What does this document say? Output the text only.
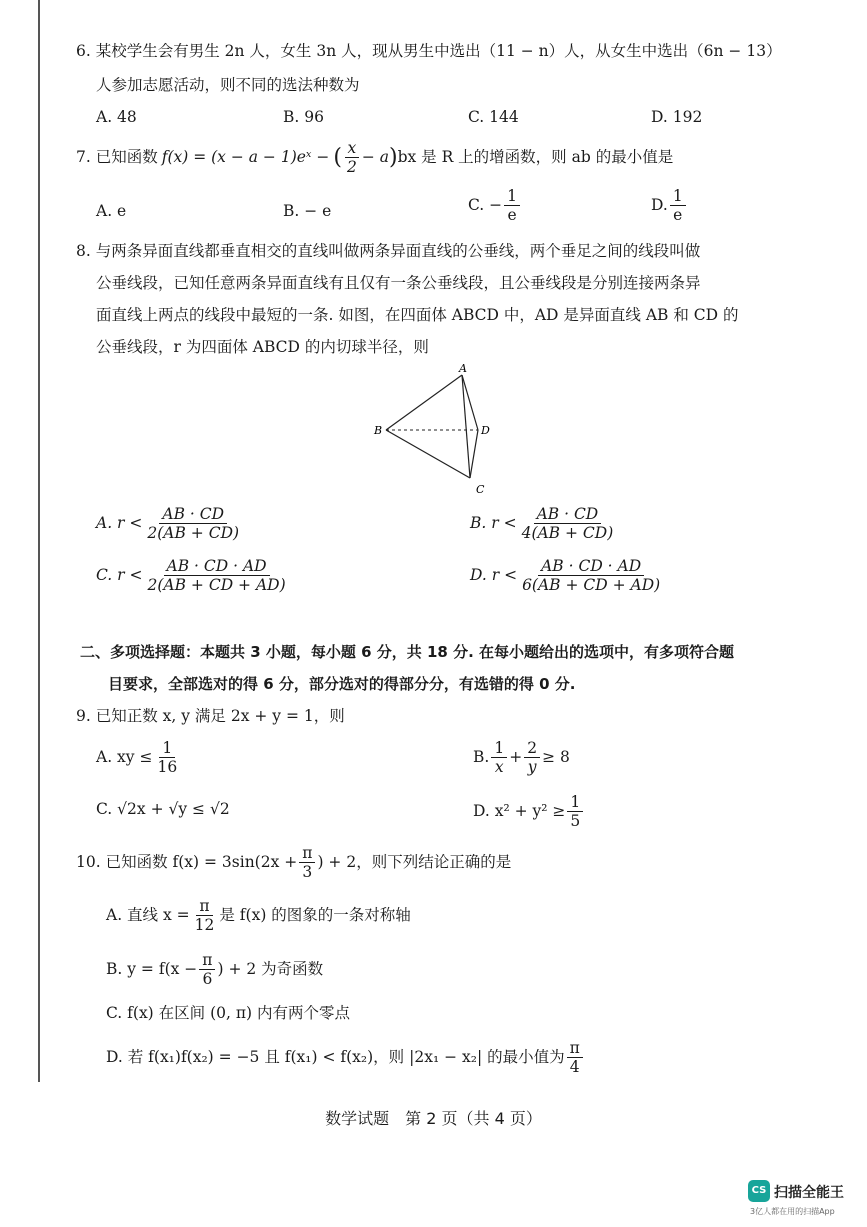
6. 某校学生会有男生 2n 人，女生 3n 人，现从男生中选出（11 − n）人，从女生中选出（6n − 13）
人参加志愿活动，则不同的选法种数为
A. 48	B. 96	C. 144	D. 192
7. 已知函数 f(x) = (x − a − 1)eˣ − ( $\frac{x}{2} - a$ ) bx 是 R 上的增函数，则 ab 的最小值是
A. e	B. − e	C. − $\frac{1}{e}$	D. $\frac{1}{e}$
8. 与两条异面直线都垂直相交的直线叫做两条异面直线的公垂线，两个垂足之间的线段叫做
公垂线段，已知任意两条异面直线有且仅有一条公垂线段，且公垂线段是分别连接两条异
面直线上两点的线段中最短的一条. 如图，在四面体 ABCD 中，AD 是异面直线 AB 和 CD 的
公垂线段，r 为四面体 ABCD 的内切球半径，则
A
B	D
C
A. $r < \frac{AB \cdot CD}{2(AB + CD)}$	B. $r < \frac{AB \cdot CD}{4(AB + CD)}$
C. $r < \frac{AB \cdot CD \cdot AD}{2(AB + CD + AD)}$	D. $r < \frac{AB \cdot CD \cdot AD}{6(AB + CD + AD)}$
二、多项选择题：本题共 3 小题，每小题 6 分，共 18 分. 在每小题给出的选项中，有多项符合题
目要求，全部选对的得 6 分，部分选对的得部分分，有选错的得 0 分.
9. 已知正数 x, y 满足 2x + y = 1，则
A. xy ≤ $\frac{1}{16}$	B. $\frac{1}{x} + \frac{2}{y} \ge 8$
C. √2x + √y ≤ √2	D. $x^2 + y^2 \ge \frac{1}{5}$
10. 已知函数 $f(x) = 3\sin(2x + \frac{\pi}{3}$ ) + 2，则下列结论正确的是
A. 直线 $x = \frac{\pi}{12}$ 是 f(x) 的图象的一条对称轴
B. $y = f(x - \frac{\pi}{6}$ ) + 2 为奇函数
C. f(x) 在区间 (0, π) 内有两个零点
D. 若 f(x₁)f(x₂) = −5 且 f(x₁) < f(x₂)，则 |2x₁ − x₂| 的最小值为 $\frac{\pi}{4}$
数学试题　第 2 页（共 4 页）
CS 扫描全能王
3亿人都在用的扫描App
